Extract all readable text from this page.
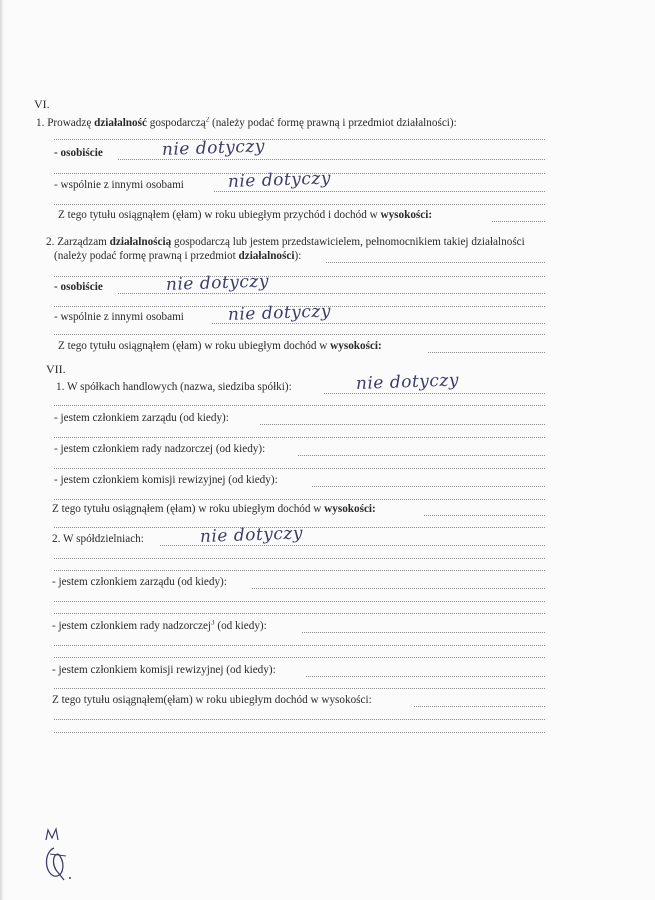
VI.
1. Prowadzę działalność gospodarczą$^2$ (należy podać formę prawną i przedmiot działalności):
- osobiście	nie dotyczy
- wspólnie z innymi osobami	nie dotyczy
Z tego tytułu osiągnąłem (ęłam) w roku ubiegłym przychód i dochód w wysokości:
2. Zarządzam działalnością gospodarczą lub jestem przedstawicielem, pełnomocnikiem takiej działalności
(należy podać formę prawną i przedmiot działalności):
- osobiście	nie dotyczy
- wspólnie z innymi osobami	nie dotyczy
Z tego tytułu osiągnąłem (ęłam) w roku ubiegłym dochód w wysokości:
VII.
1. W spółkach handlowych (nazwa, siedziba spółki):	nie dotyczy
- jestem członkiem zarządu (od kiedy):
- jestem członkiem rady nadzorczej (od kiedy):
- jestem członkiem komisji rewizyjnej (od kiedy):
Z tego tytułu osiągnąłem (ęłam) w roku ubiegłym dochód w wysokości:
2. W spółdzielniach:	nie dotyczy
- jestem członkiem zarządu (od kiedy):
- jestem członkiem rady nadzorczej$^3$ (od kiedy):
- jestem członkiem komisji rewizyjnej (od kiedy):
Z tego tytułu osiągnąłem(ęłam) w roku ubiegłym dochód w wysokości:
